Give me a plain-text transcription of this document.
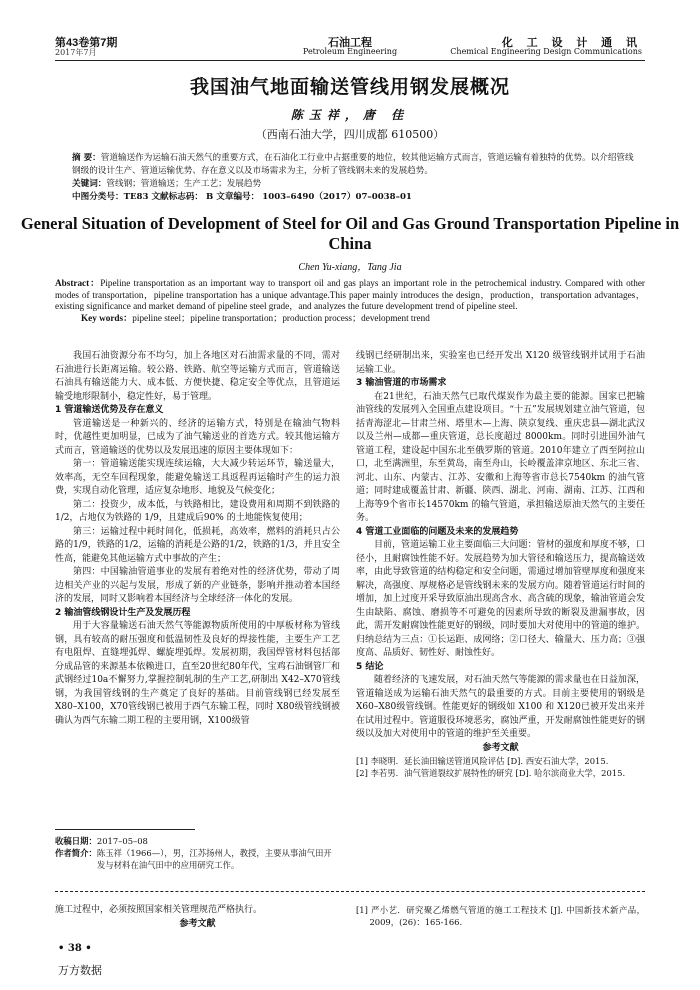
第43卷第7期
2017年7月
石油工程
Petroleum Engineering
化 工 设 计 通 讯
Chemical Engineering Design Communications
我国油气地面输送管线用钢发展概况
陈玉祥，唐 佳
（西南石油大学，四川成都 610500）

摘 要：管道输送作为运输石油天然气的重要方式，在石油化工行业中占据重要的地位，较其他运输方式而言，管道运输有着独特的优势。以介绍管线钢级的设计生产、管道运输优势、存在意义以及市场需求为主，分析了管线钢未来的发展趋势。

关键词：管线钢；管道输送；生产工艺；发展趋势

中图分类号：TE83 文献标志码： B 文章编号： 1003–6490（2017）07–0038–01

General Situation of Development of Steel for Oil and Gas Ground Transportation Pipeline in China
Chen Yu-xiang，Tang Jia

Abstract：Pipeline transportation as an important way to transport oil and gas plays an important role in the petrochemical industry. Compared with other modes of transportation，pipeline transportation has a unique advantage.This paper mainly introduces the design，production，transportation advantages，existing significance and market demand of pipeline steel grade，and analyzes the future development trend of pipeline steel.

Key words：pipeline steel；pipeline transportation；production process；development trend

我国石油资源分布不均匀，加上各地区对石油需求量的不同，需对石油进行长距离运输。较公路、铁路、航空等运输方式而言，管道输送石油具有输送能力大、成本低、方便快捷、稳定安全等优点，且管道运输受地形限制小，稳定性好，易于管理。

1 管道输送优势及存在意义

管道输送是一种新兴的、经济的运输方式，特别是在输油气物料时，优越性更加明显，已成为了油气输送业的首选方式。较其他运输方式而言，管道输送的优势以及发展迅速的原因主要体现如下：

第一：管道输送能实现连续运输，大大减少转运环节，输送量大，效率高，无空车回程现象，能避免输送工具返程再运输时产生的运力浪费，实现自动化管理，适应复杂地形、地貌及气候变化；

第二：投资少，成本低，与铁路相比，建设费用和周期不到铁路的 1/2，占地仅为铁路的 1/9，且建成后90% 的土地能恢复使用；

第三：运输过程中耗时间化，低损耗，高效率，燃料的消耗只占公路的1/9，铁路的1/2，运输的消耗是公路的1/2，铁路的1/3，并且安全性高，能避免其他运输方式中事故的产生；

第四：中国输油管道事业的发展有着绝对性的经济优势，带动了周边相关产业的兴起与发展，形成了新的产业链条，影响并推动着本国经济的发展，同时又影响着本国经济与全球经济一体化的发展。

2 输油管线钢设计生产及发展历程

用于大容量输送石油天然气等能源物质所使用的中厚板材称为管线钢，具有较高的耐压强度和低温韧性及良好的焊接性能，主要生产工艺有电阻焊、直缝埋弧焊、螺旋埋弧焊。发展初期，我国焊管材料包括部分成品管的来源基本依赖进口，直至20世纪80年代，宝鸡石油钢管厂和武钢经过10a不懈努力,掌握控制轧制的生产工艺,研制出 X42–X70管线钢，为我国管线钢的生产奠定了良好的基础。目前管线钢已经发展至 X80–X100，X70管线钢已被用于西气东输工程，同时 X80级管线钢被确认为西气东输二期工程的主要用钢，X100级管

收稿日期：2017–05–08
作者简介： 陈玉祥（1966—），男，江苏扬州人，教授，主要从事油气田开发与材料在油气田中的应用研究工作。

线钢已经研制出来，实验室也已经开发出 X120 级管线钢并试用于石油运输工业。

3 输油管道的市场需求

在21世纪，石油天然气已取代煤炭作为最主要的能源。国家已把输油管线的发展列入全国重点建设项目。“十五”发展规划建立油气管道，包括青海涩北—甘肃兰州、塔里木—上海、陕京复线、重庆忠县—湖北武汉以及兰州—成都—重庆管道，总长度超过 8000km。同时引进国外油气管道工程，建设起中国东北至俄罗斯的管道。2010年建立了西至阿拉山口，北至满洲里，东至黄岛，南至舟山，长岭覆盖津京地区、东北三省、河北、山东、内蒙古、江苏、安徽和上海等省市总长7540km 的油气管道；同时建成覆盖甘肃、新疆、陕西、湖北、河南、湖南、江苏、江西和上海等9个省市长14570km 的输气管道，承担输送原油天然气的主要任务。

4 管道工业面临的问题及未来的发展趋势

目前，管道运输工业主要面临三大问题：管材的强度和厚度不够，口径小，且耐腐蚀性能不好。发展趋势为加大管径和输送压力，提高输送效率，由此导致管道的结构稳定和安全问题，需通过增加管壁厚度和强度来解决，高强度、厚规格必是管线钢未来的发展方向。随着管道运行时间的增加，加上过度开采导致原油出现高含水、高含硫的现象，输油管道会发生由缺陷、腐蚀、磨损等不可避免的因素所导致的断裂及泄漏事故，因此，需开发耐腐蚀性能更好的钢级，同时要加大对使用中的管道的维护。归纳总结为三点：①长运距、成网络；②口径大、输量大、压力高；③强度高、品质好、韧性好、耐蚀性好。

5 结论

随着经济的飞速发展，对石油天然气等能源的需求量也在日益加深，管道输送成为运输石油天然气的最重要的方式。目前主要使用的钢级是 X60–X80级管线钢。性能更好的钢级如 X100 和 X120已被开发出来并在试用过程中。管道服役环境恶劣，腐蚀严重，开发耐腐蚀性能更好的钢级以及加大对使用中的管道的维护至关重要。

参考文献

[1] 李晓明．延长油田输送管道风险评估 [D]. 西安石油大学，2015.

[2] 李若男．油气管道裂纹扩展特性的研究 [D]. 哈尔滨商业大学，2015.

施工过程中，必须按照国家相关管理规范严格执行。

参考文献

[1] 严小艺．研究聚乙烯燃气管道的施工工程技术 [J]. 中国新技术新产品，2009，(26)：165-166.

• 38 •
万方数据
